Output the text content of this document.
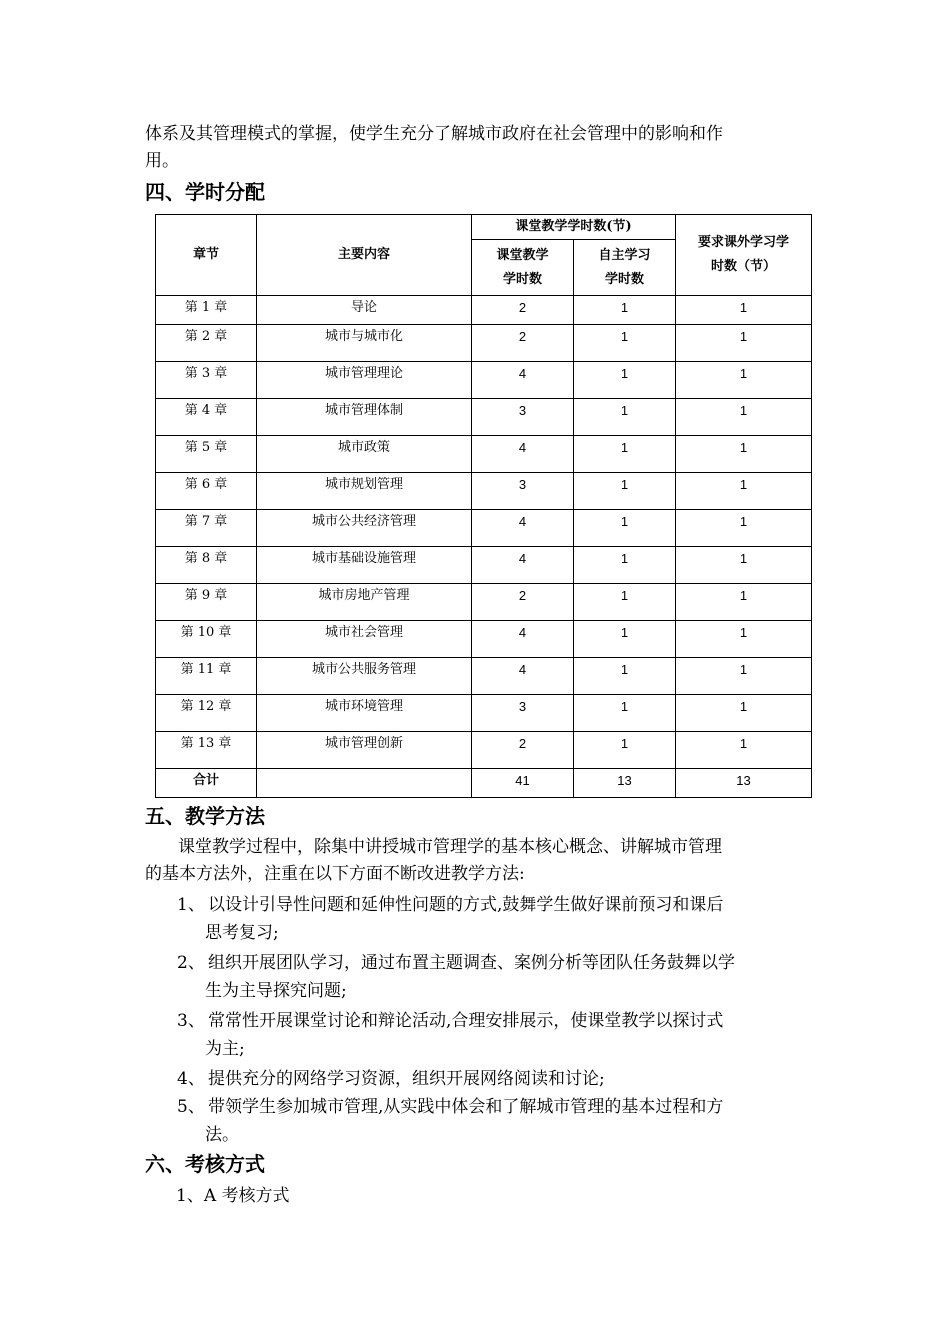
体系及其管理模式的掌握，使学生充分了解城市政府在社会管理中的影响和作

用。

四、学时分配
章节	主要内容	课堂教学学时数(节)		要求课外学习学
时数（节）
		课堂教学
学时数	自主学习
学时数	
第 1 章	导论	2	1	1
第 2 章	城市与城市化	2	1	1
第 3 章	城市管理理论	4	1	1
第 4 章	城市管理体制	3	1	1
第 5 章	城市政策	4	1	1
第 6 章	城市规划管理	3	1	1
第 7 章	城市公共经济管理	4	1	1
第 8 章	城市基础设施管理	4	1	1
第 9 章	城市房地产管理	2	1	1
第 10 章	城市社会管理	4	1	1
第 11 章	城市公共服务管理	4	1	1
第 12 章	城市环境管理	3	1	1
第 13 章	城市管理创新	2	1	1
合计		41	13	13
五、教学方法

课堂教学过程中，除集中讲授城市管理学的基本核心概念、讲解城市管理

的基本方法外，注重在以下方面不断改进教学方法:

1、 以设计引导性问题和延伸性问题的方式,鼓舞学生做好课前预习和课后
思考复习;
2、 组织开展团队学习，通过布置主题调查、案例分析等团队任务鼓舞以学
生为主导探究问题;
3、 常常性开展课堂讨论和辩论活动,合理安排展示，使课堂教学以探讨式
为主;
4、 提供充分的网络学习资源，组织开展网络阅读和讨论;
5、 带领学生参加城市管理,从实践中体会和了解城市管理的基本过程和方
法。
六、考核方式

1、A 考核方式
